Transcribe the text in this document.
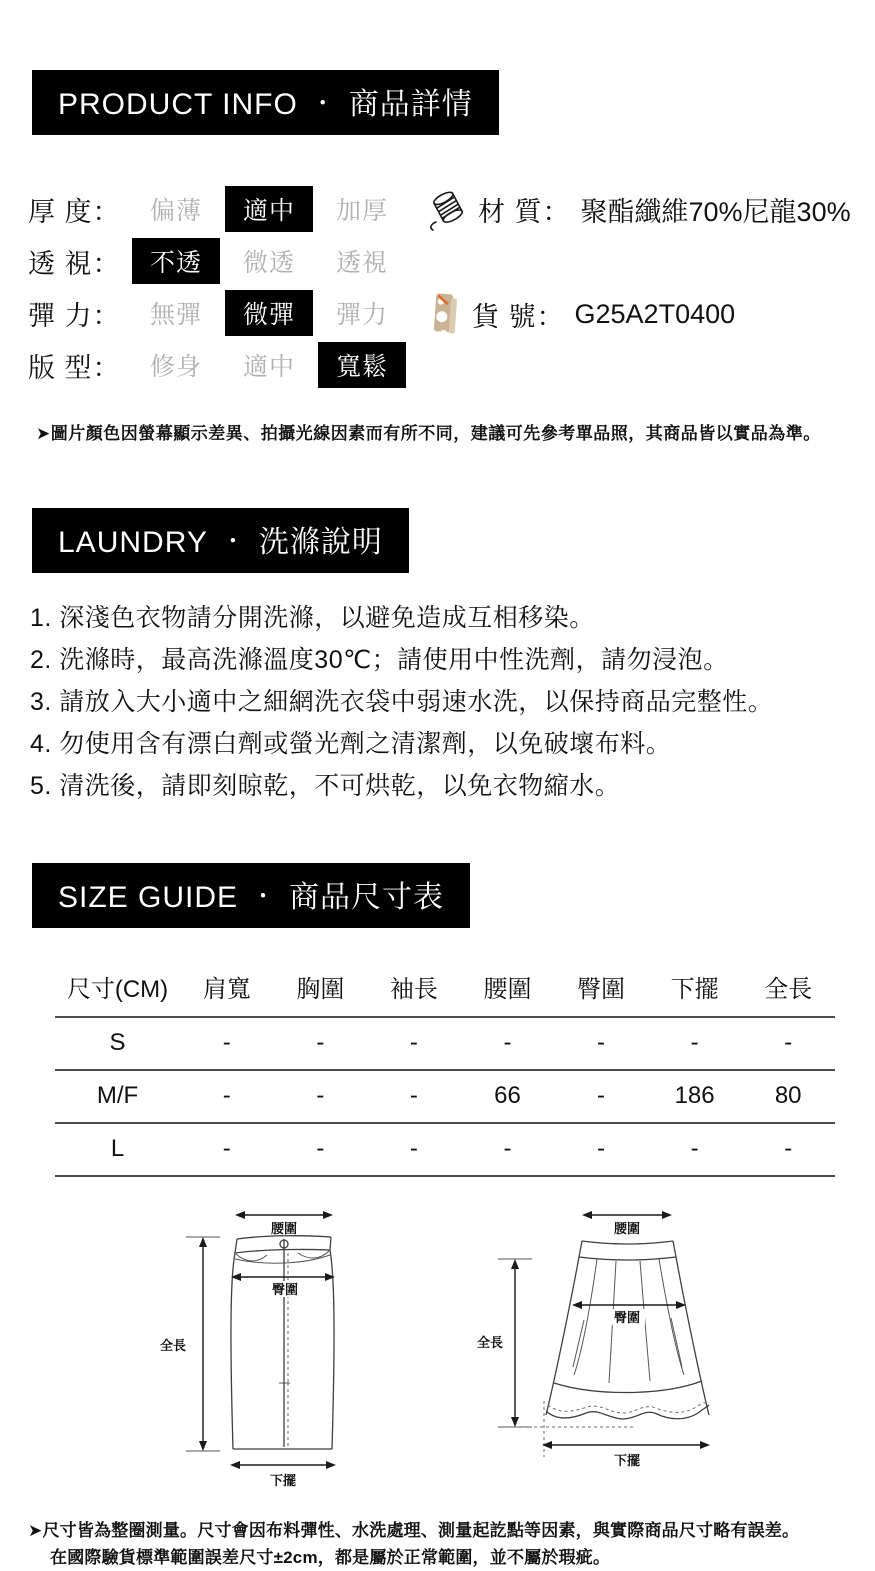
PRODUCT INFO ・ 商品詳情
厚 度：	偏薄	適中	加厚
透 視：	不透	微透	透視
彈 力：	無彈	微彈	彈力
版 型：	修身	適中	寬鬆
材 質： 聚酯纖維70%尼龍30%
貨 號： G25A2T0400

➤圖片顏色因螢幕顯示差異、拍攝光線因素而有所不同，建議可先參考單品照，其商品皆以實品為準。

LAUNDRY ・ 洗滌說明
1. 深淺色衣物請分開洗滌，以避免造成互相移染。
2. 洗滌時，最高洗滌溫度30℃；請使用中性洗劑，請勿浸泡。
3. 請放入大小適中之細網洗衣袋中弱速水洗，以保持商品完整性。
4. 勿使用含有漂白劑或螢光劑之清潔劑，以免破壞布料。
5. 清洗後，請即刻晾乾，不可烘乾，以免衣物縮水。
SIZE GUIDE ・ 商品尺寸表
尺寸(CM)	肩寬	胸圍	袖長	腰圍	臀圍	下擺	全長
S	-	-	-	-	-	-	-
M/F	-	-	-	66	-	186	80
L	-	-	-	-	-	-	-
腰圍
臀圍
全長
下擺
腰圍
臀圍
全長
下擺
➤尺寸皆為整圈測量。尺寸會因布料彈性、水洗處理、測量起訖點等因素，與實際商品尺寸略有誤差。
在國際驗貨標準範圍誤差尺寸±2cm，都是屬於正常範圍，並不屬於瑕疵。
